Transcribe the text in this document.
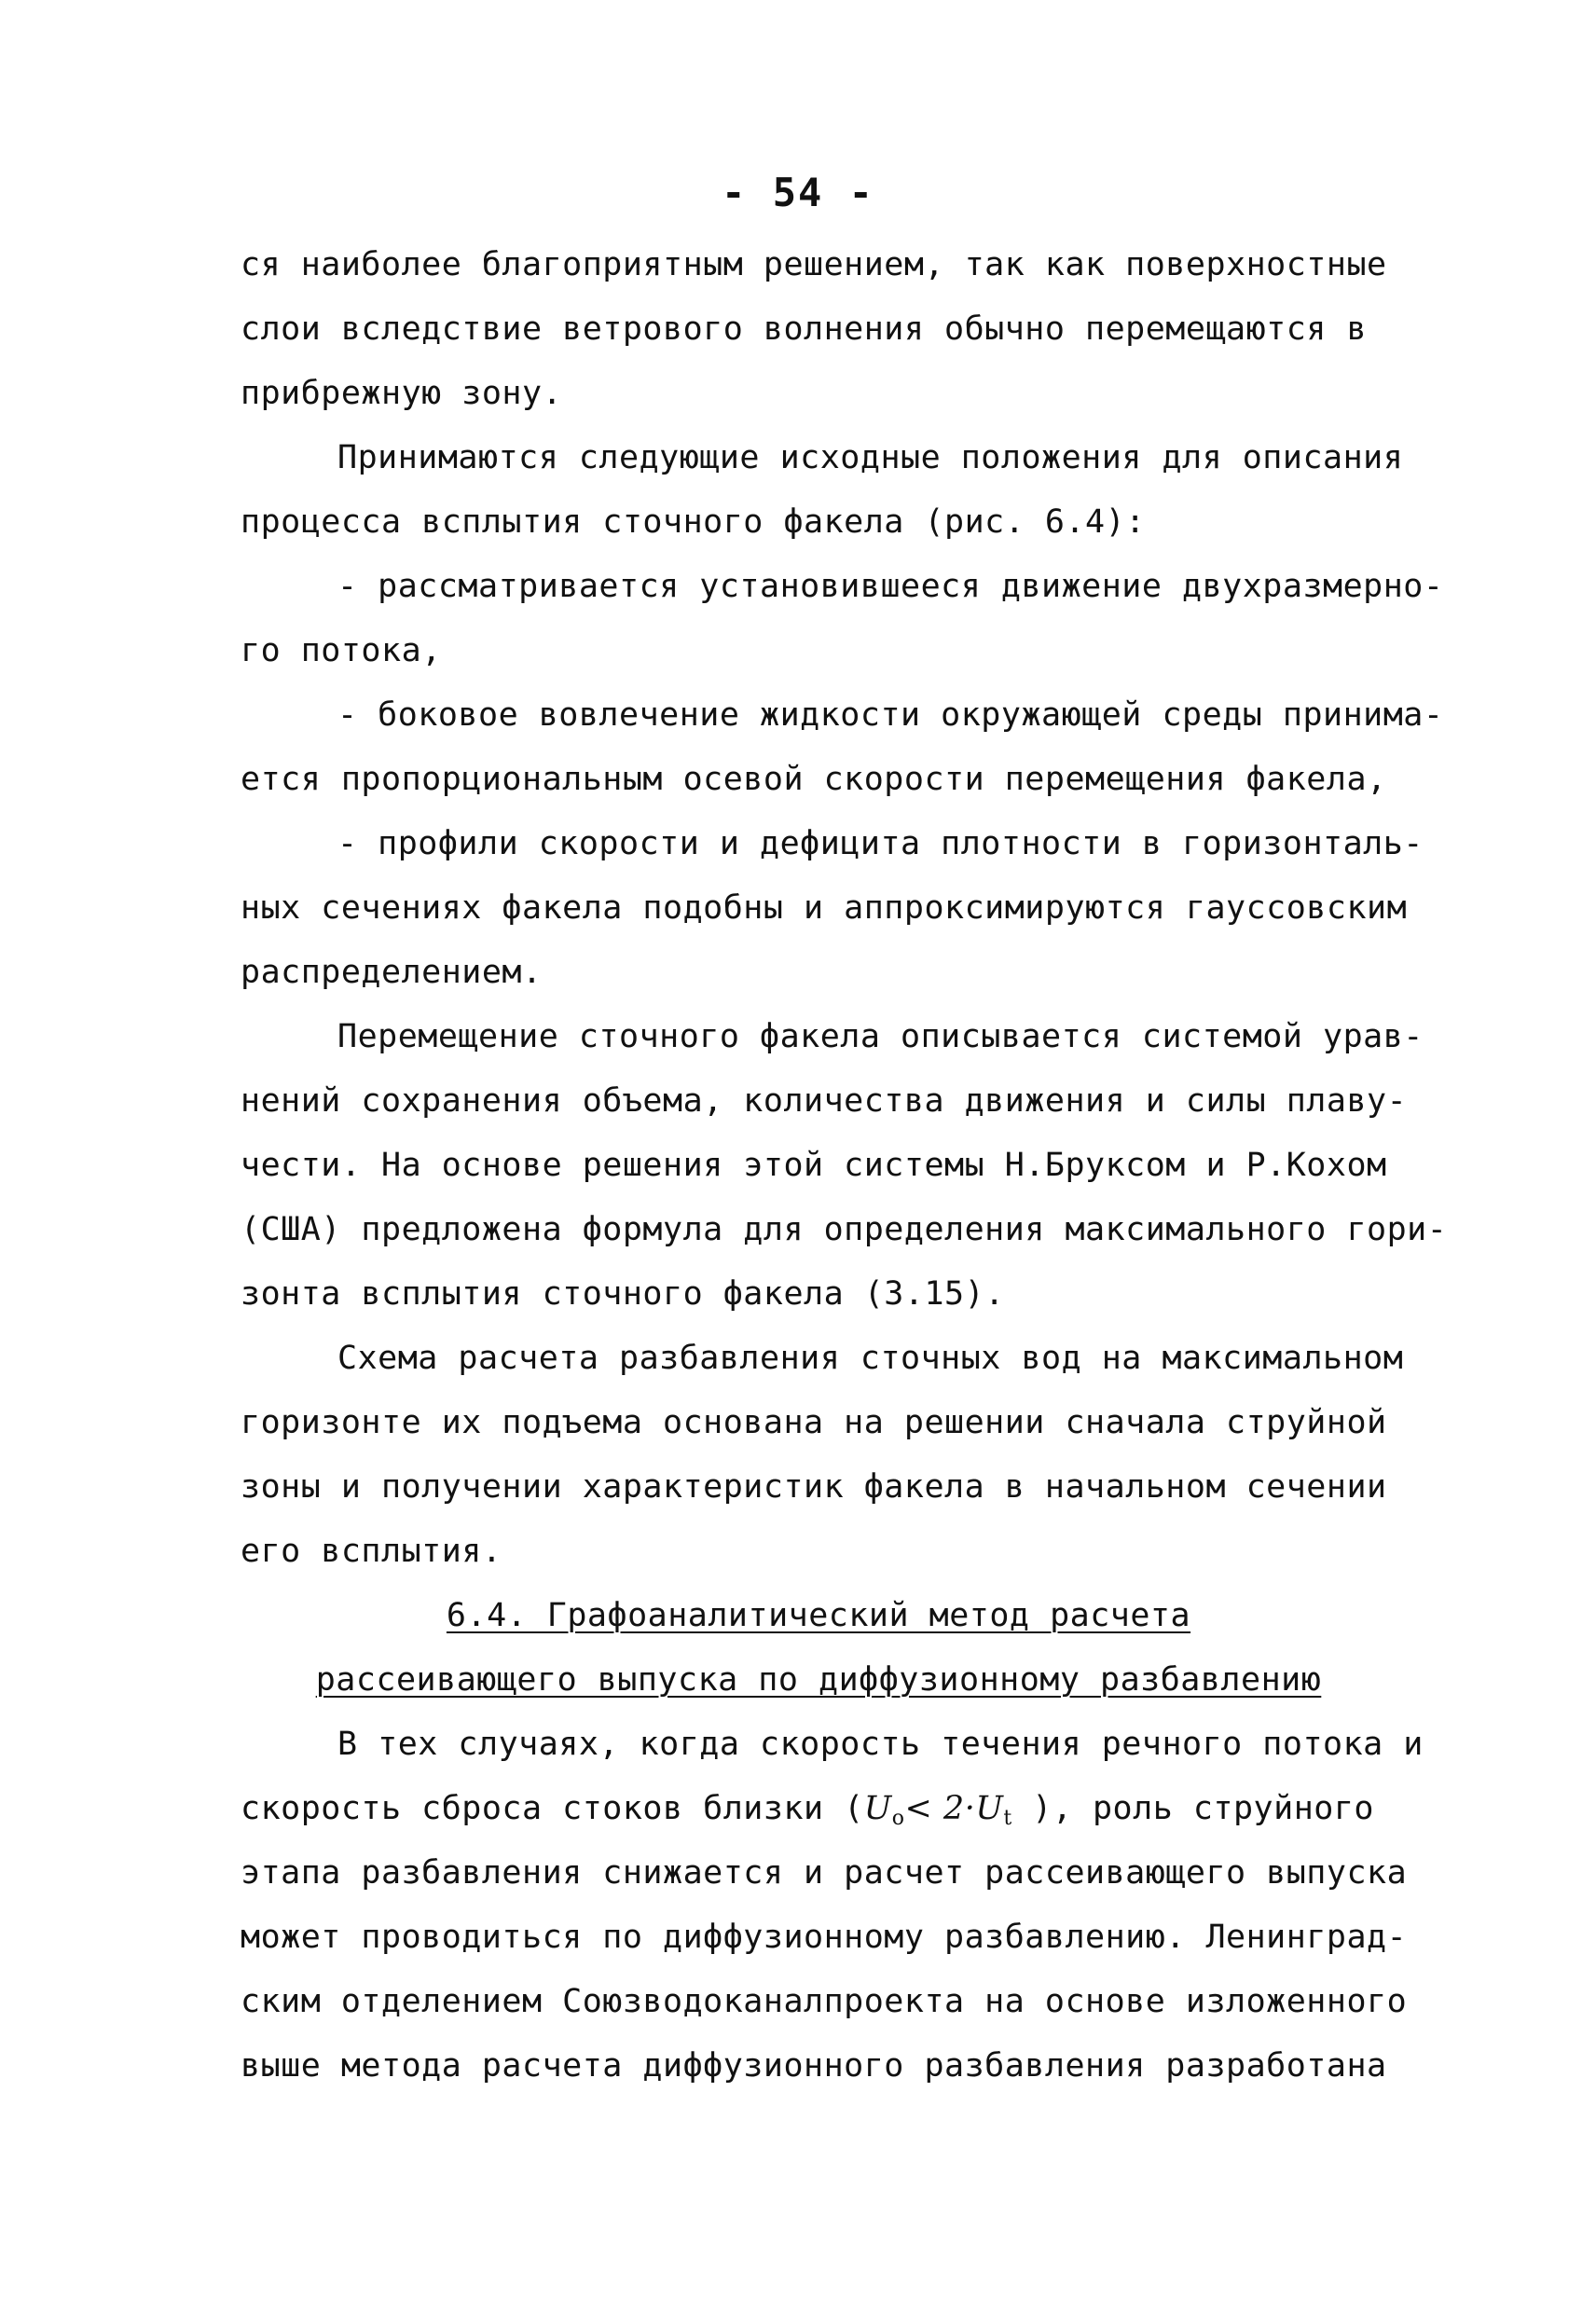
- 54 -
ся наиболее благоприятным решением, так как поверхностные
слои вследствие ветрового волнения обычно перемещаются в
прибрежную зону.
Принимаются следующие исходные положения для описания
процесса всплытия сточного факела (рис. 6.4):
- рассматривается установившееся движение двухразмерно-
го потока,
- боковое вовлечение жидкости окружающей среды принима-
ется пропорциональным осевой скорости перемещения факела,
- профили скорости и дефицита плотности в горизонталь-
ных сечениях факела подобны и аппроксимируются гауссовским
распределением.
Перемещение сточного факела описывается системой урав-
нений сохранения объема, количества движения и силы плаву-
чести. На основе решения этой системы Н.Бруксом и Р.Кохом
(США) предложена формула для определения максимального гори-
зонта всплытия сточного факела (3.15).
Схема расчета разбавления сточных вод на максимальном
горизонте их подъема основана на решении сначала струйной
зоны и получении характеристик факела в начальном сечении
его всплытия.
6.4. Графоаналитический метод расчета
рассеивающего выпуска по диффузионному разбавлению
В тех случаях, когда скорость течения речного потока и
скорость сброса стоков близки ($U_o< 2\cdot U_t$ ), роль струйного
этапа разбавления снижается и расчет рассеивающего выпуска
может проводиться по диффузионному разбавлению. Ленинград-
ским отделением Союзводоканалпроекта на основе изложенного
выше метода расчета диффузионного разбавления разработана
